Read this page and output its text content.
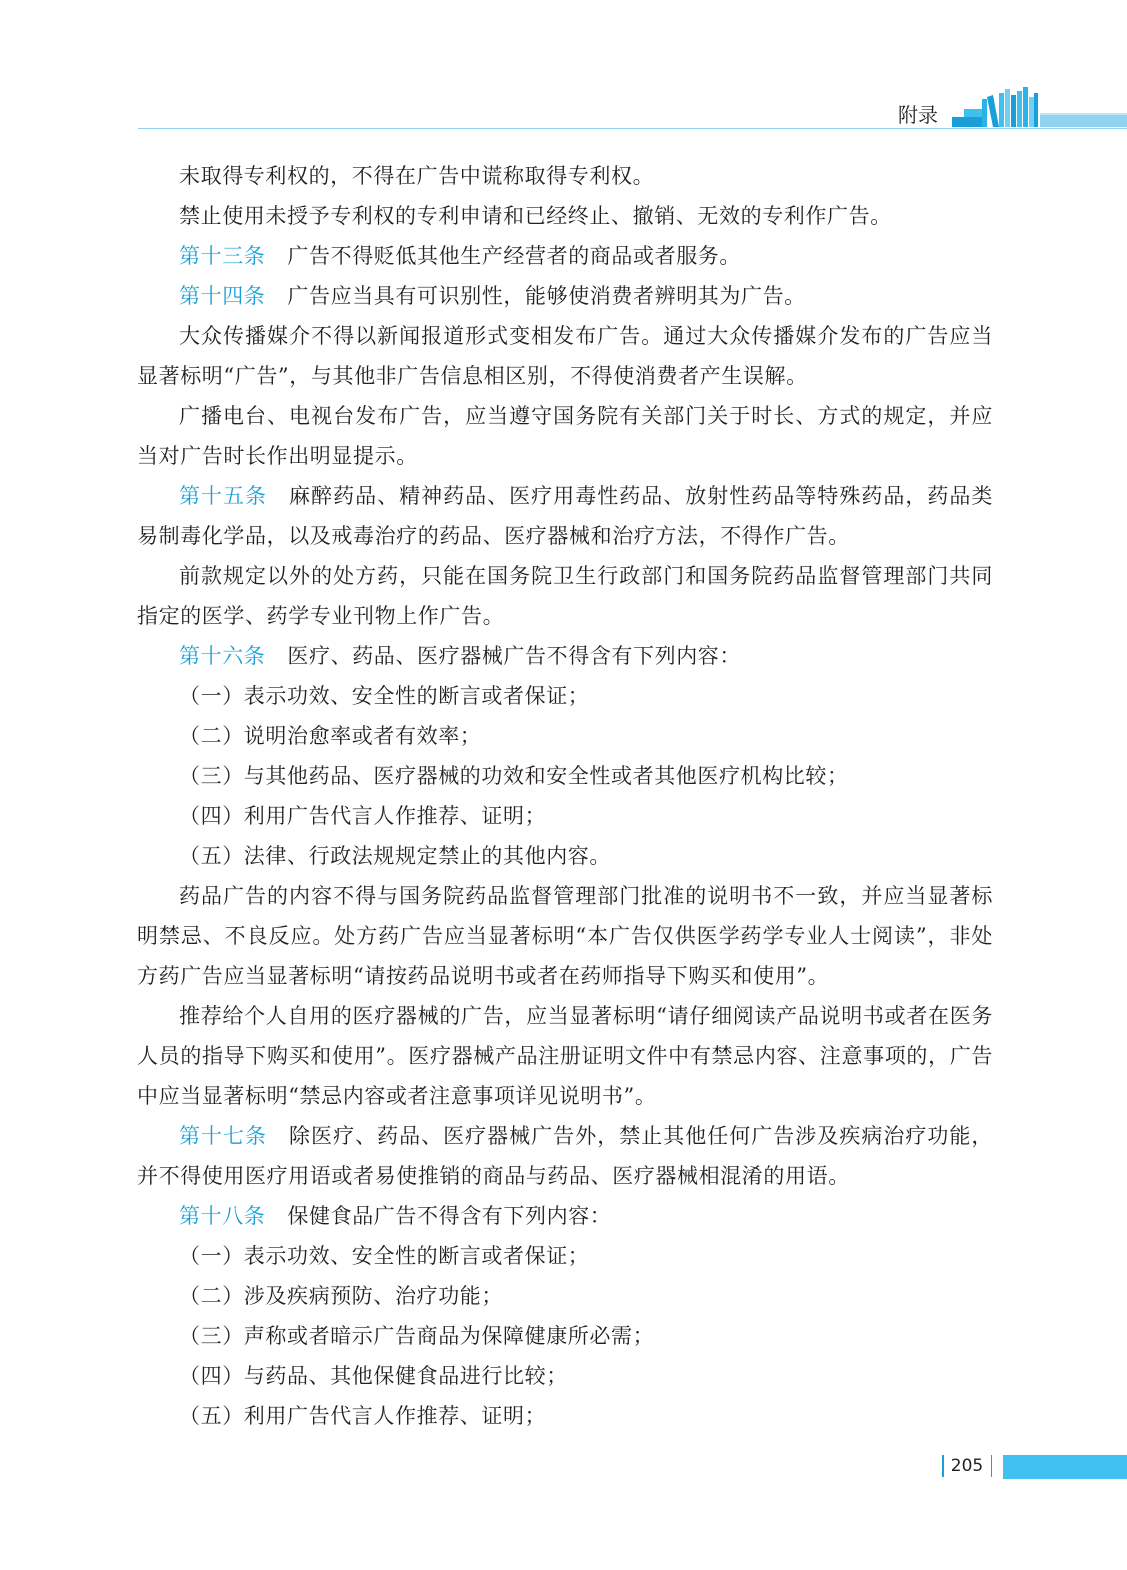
附录

未取得专利权的，不得在广告中谎称取得专利权。

禁止使用未授予专利权的专利申请和已经终止、撤销、无效的专利作广告。

第十三条 广告不得贬低其他生产经营者的商品或者服务。

第十四条 广告应当具有可识别性，能够使消费者辨明其为广告。

大众传播媒介不得以新闻报道形式变相发布广告。通过大众传播媒介发布的广告应当显著标明“广告”，与其他非广告信息相区别，不得使消费者产生误解。

广播电台、电视台发布广告，应当遵守国务院有关部门关于时长、方式的规定，并应当对广告时长作出明显提示。

第十五条 麻醉药品、精神药品、医疗用毒性药品、放射性药品等特殊药品，药品类易制毒化学品，以及戒毒治疗的药品、医疗器械和治疗方法，不得作广告。

前款规定以外的处方药，只能在国务院卫生行政部门和国务院药品监督管理部门共同指定的医学、药学专业刊物上作广告。

第十六条 医疗、药品、医疗器械广告不得含有下列内容：

（一）表示功效、安全性的断言或者保证；

（二）说明治愈率或者有效率；

（三）与其他药品、医疗器械的功效和安全性或者其他医疗机构比较；

（四）利用广告代言人作推荐、证明；

（五）法律、行政法规规定禁止的其他内容。

药品广告的内容不得与国务院药品监督管理部门批准的说明书不一致，并应当显著标明禁忌、不良反应。处方药广告应当显著标明“本广告仅供医学药学专业人士阅读”，非处方药广告应当显著标明“请按药品说明书或者在药师指导下购买和使用”。

推荐给个人自用的医疗器械的广告，应当显著标明“请仔细阅读产品说明书或者在医务人员的指导下购买和使用”。医疗器械产品注册证明文件中有禁忌内容、注意事项的，广告中应当显著标明“禁忌内容或者注意事项详见说明书”。

第十七条 除医疗、药品、医疗器械广告外，禁止其他任何广告涉及疾病治疗功能，并不得使用医疗用语或者易使推销的商品与药品、医疗器械相混淆的用语。

第十八条 保健食品广告不得含有下列内容：

（一）表示功效、安全性的断言或者保证；

（二）涉及疾病预防、治疗功能；

（三）声称或者暗示广告商品为保障健康所必需；

（四）与药品、其他保健食品进行比较；

（五）利用广告代言人作推荐、证明；

205
